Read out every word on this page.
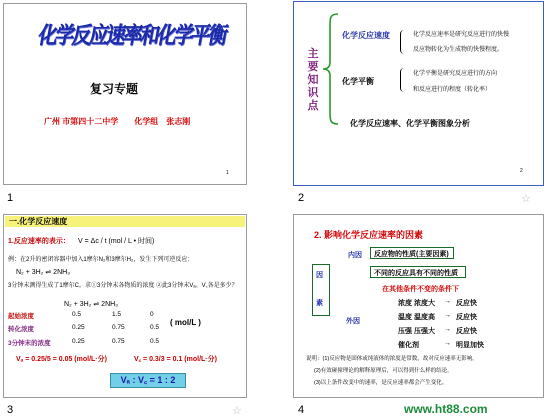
化学反应速率和化学平衡
复习专题
广州 市第四十二中学　　化学组　张志刚
1
1
主
要
知
识
点
化学反应速度	化学反应速率是研究反应进行的快慢
反应物转化为生成物的快慢程度。
化学平衡
化学平衡是研究反应进行的方向
和反应进行的程度（转化率）
化学反应速率、化学平衡图象分析
2
2	☆
一.化学反应速度
1.反应速率的表示： V = Δc / t (mol / L • 时间)
例：在2升的密闭容器中加入1摩尔N₂和3摩尔H₂，发生下列可逆反应：
N₂ + 3H₂ ⇌ 2NH₃
3分钟末测得生成了1摩尔C。求①3分钟末各物质的浓度 ②此3分钟末Vₐ、V꜀各是多少？
N₂ + 3H₂ ⇌ 2NH₃
起始浓度	0.5	1.5	0
转化浓度	0.25	0.75	0.5
( mol/L )
3分钟末的浓度	0.25	0.75	0.5
Vₐ = 0.25/5 = 0.05 (mol/L·分)	V꜀ = 0.3/3 = 0.1 (mol/L·分)
Vₐ : V꜀ = 1 : 2
3	☆
2. 影响化学反应速率的因素
因
素
内因 反应物的性质(主要因素)
不同的反应具有不同的性质
在其他条件不变的条件下
外因
浓度 浓度大 → 反应快
温度 温度高 → 反应快
压强 压强大 → 反应快
催化剂	→ 明显加快
说明：(1)反应物是固体或纯液体的浓度是常数，故对反应速率无影响。
(2)有效碰撞理论的解释原理后，可以得到什么样的结论。
(3)以上条件改变中的速率，是反应速率都会产生变化。
4	www.ht88.com
